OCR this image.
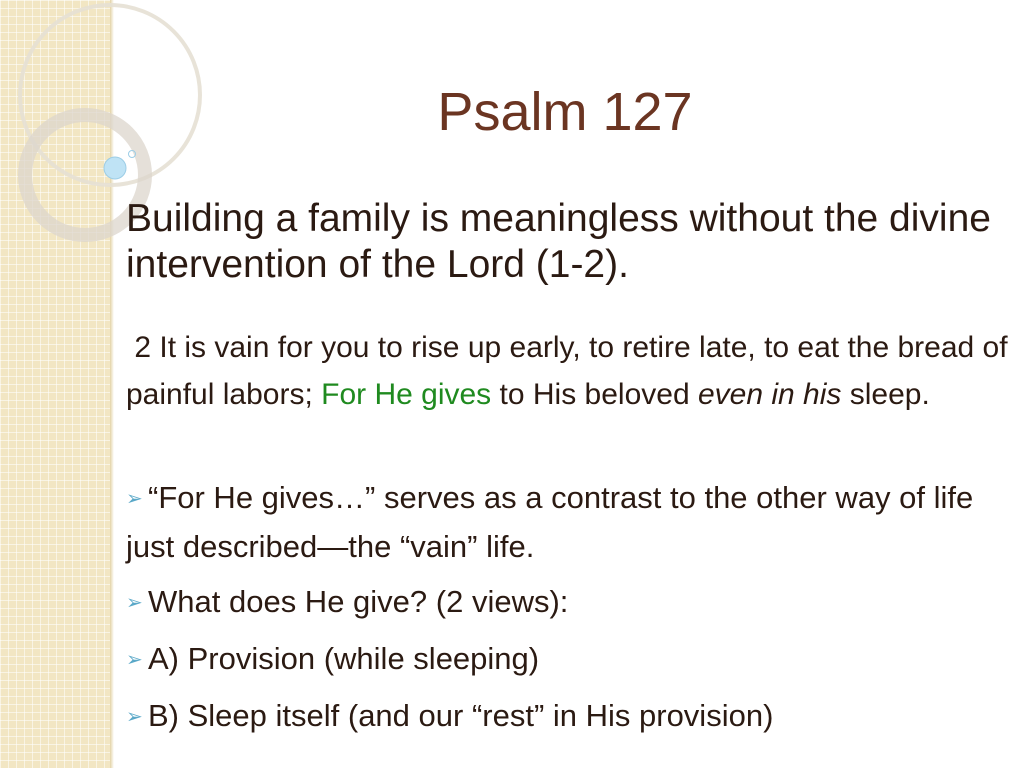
Psalm 127
Building a family is meaningless without the divine intervention of the Lord (1-2).
2 It is vain for you to rise up early, to retire late, to eat the bread of painful labors; For He gives to His beloved even in his sleep.
➢ “For He gives…” serves as a contrast to the other way of life just described—the “vain” life.
➢ What does He give? (2 views):
➢ A) Provision (while sleeping)
➢ B) Sleep itself (and our “rest” in His provision)
